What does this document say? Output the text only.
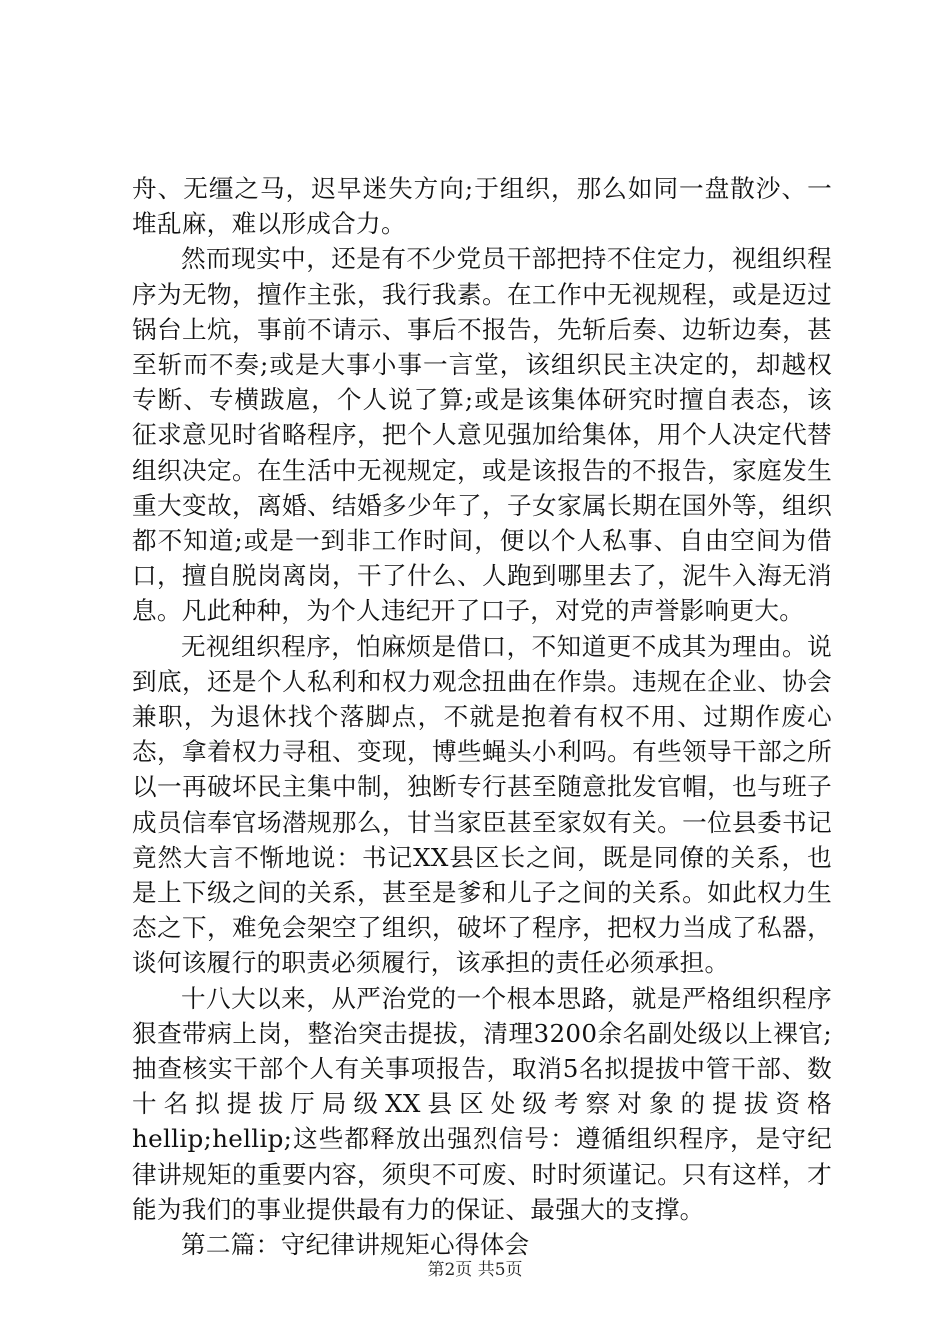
舟、无缰之马，迟早迷失方向;于组织，那么如同一盘散沙、一堆乱麻，难以形成合力。

然而现实中，还是有不少党员干部把持不住定力，视组织程序为无物，擅作主张，我行我素。在工作中无视规程，或是迈过锅台上炕，事前不请示、事后不报告，先斩后奏、边斩边奏，甚至斩而不奏;或是大事小事一言堂，该组织民主决定的，却越权专断、专横跋扈，个人说了算;或是该集体研究时擅自表态，该征求意见时省略程序，把个人意见强加给集体，用个人决定代替组织决定。在生活中无视规定，或是该报告的不报告，家庭发生重大变故，离婚、结婚多少年了，子女家属长期在国外等，组织都不知道;或是一到非工作时间，便以个人私事、自由空间为借口，擅自脱岗离岗，干了什么、人跑到哪里去了，泥牛入海无消息。凡此种种，为个人违纪开了口子，对党的声誉影响更大。

无视组织程序，怕麻烦是借口，不知道更不成其为理由。说到底，还是个人私利和权力观念扭曲在作祟。违规在企业、协会兼职，为退休找个落脚点，不就是抱着有权不用、过期作废心态，拿着权力寻租、变现，博些蝇头小利吗。有些领导干部之所以一再破坏民主集中制，独断专行甚至随意批发官帽，也与班子成员信奉官场潜规那么，甘当家臣甚至家奴有关。一位县委书记竟然大言不惭地说：书记XX县区长之间，既是同僚的关系，也是上下级之间的关系，甚至是爹和儿子之间的关系。如此权力生态之下，难免会架空了组织，破坏了程序，把权力当成了私器，谈何该履行的职责必须履行，该承担的责任必须承担。

十八大以来，从严治党的一个根本思路，就是严格组织程序狠查带病上岗，整治突击提拔，清理3200余名副处级以上裸官;抽查核实干部个人有关事项报告，取消5名拟提拔中管干部、数十名拟提拔厅局级XX县区处级考察对象的提拔资格hellip;hellip;这些都释放出强烈信号：遵循组织程序，是守纪律讲规矩的重要内容，须臾不可废、时时须谨记。只有这样，才能为我们的事业提供最有力的保证、最强大的支撑。

第二篇：守纪律讲规矩心得体会

第2页 共5页
